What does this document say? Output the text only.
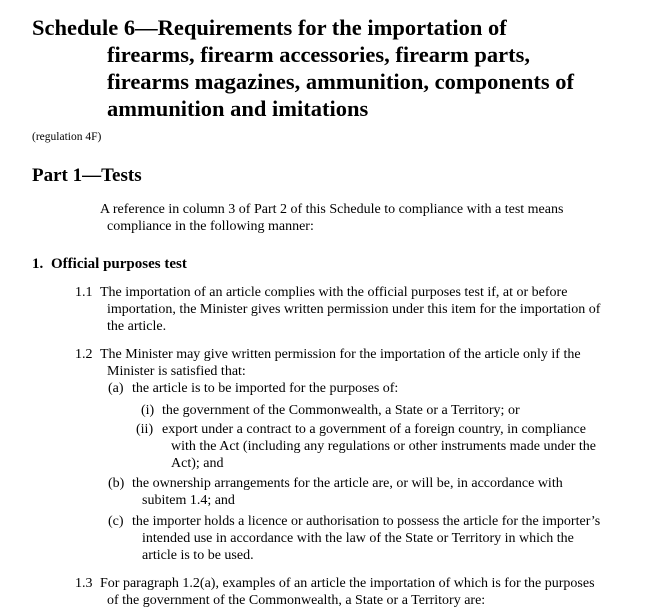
Schedule 6—Requirements for the importation of
firearms, firearm accessories, firearm parts,
firearms magazines, ammunition, components of
ammunition and imitations
(regulation 4F)
Part 1—Tests
A reference in column 3 of Part 2 of this Schedule to compliance with a test means
compliance in the following manner:
1. Official purposes test
1.1 The importation of an article complies with the official purposes test if, at or before
importation, the Minister gives written permission under this item for the importation of
the article.
1.2 The Minister may give written permission for the importation of the article only if the
Minister is satisfied that:
(a) the article is to be imported for the purposes of:
(i) the government of the Commonwealth, a State or a Territory; or
(ii) export under a contract to a government of a foreign country, in compliance
with the Act (including any regulations or other instruments made under the
Act); and
(b) the ownership arrangements for the article are, or will be, in accordance with
subitem 1.4; and
(c) the importer holds a licence or authorisation to possess the article for the importer’s
intended use in accordance with the law of the State or Territory in which the
article is to be used.
1.3 For paragraph 1.2(a), examples of an article the importation of which is for the purposes
of the government of the Commonwealth, a State or a Territory are:
